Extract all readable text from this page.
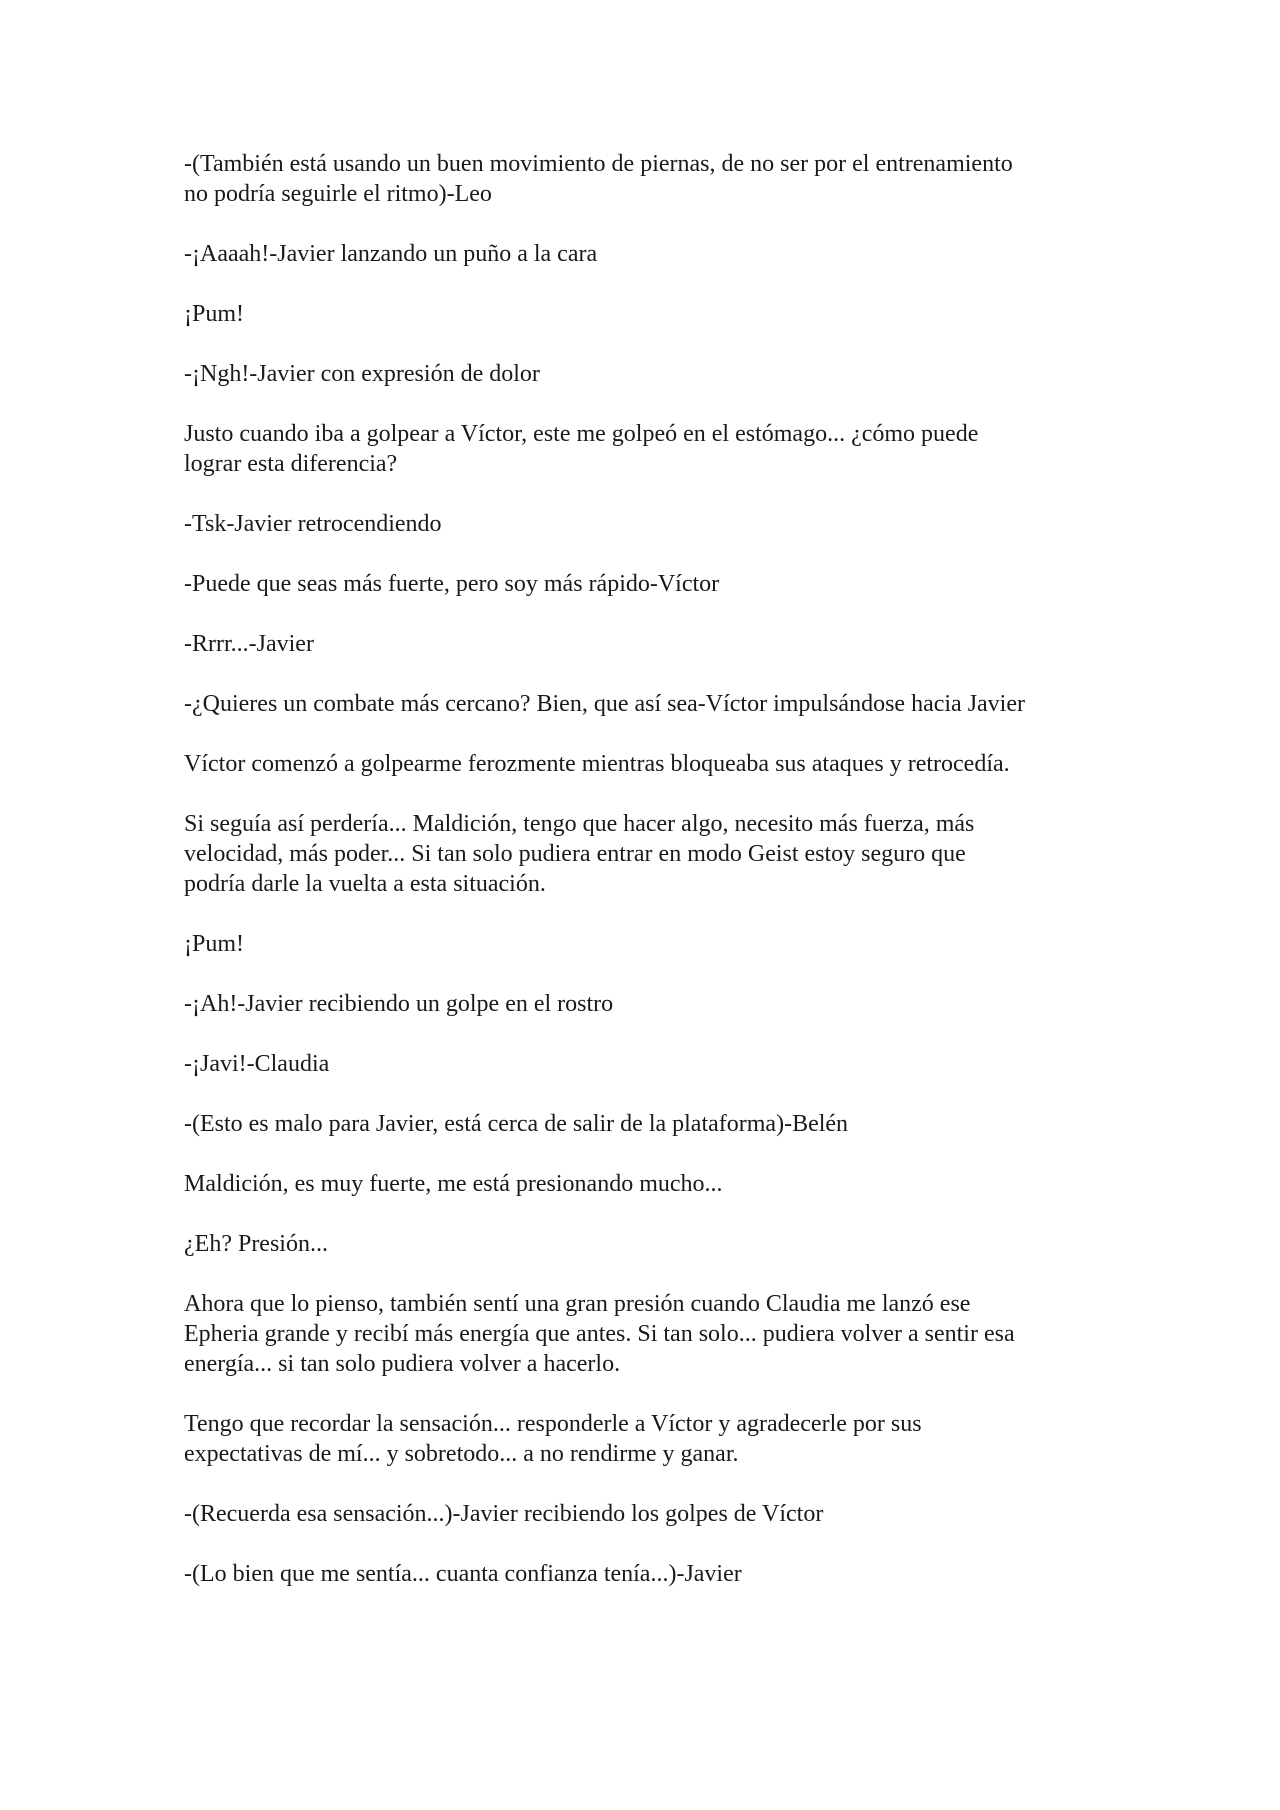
-(También está usando un buen movimiento de piernas, de no ser por el entrenamiento
no podría seguirle el ritmo)-Leo

-¡Aaaah!-Javier lanzando un puño a la cara

¡Pum!

-¡Ngh!-Javier con expresión de dolor

Justo cuando iba a golpear a Víctor, este me golpeó en el estómago... ¿cómo puede
lograr esta diferencia?

-Tsk-Javier retrocendiendo

-Puede que seas más fuerte, pero soy más rápido-Víctor

-Rrrr...-Javier

-¿Quieres un combate más cercano? Bien, que así sea-Víctor impulsándose hacia Javier

Víctor comenzó a golpearme ferozmente mientras bloqueaba sus ataques y retrocedía.

Si seguía así perdería... Maldición, tengo que hacer algo, necesito más fuerza, más
velocidad, más poder... Si tan solo pudiera entrar en modo Geist estoy seguro que
podría darle la vuelta a esta situación.

¡Pum!

-¡Ah!-Javier recibiendo un golpe en el rostro

-¡Javi!-Claudia

-(Esto es malo para Javier, está cerca de salir de la plataforma)-Belén

Maldición, es muy fuerte, me está presionando mucho...

¿Eh? Presión...

Ahora que lo pienso, también sentí una gran presión cuando Claudia me lanzó ese
Epheria grande y recibí más energía que antes. Si tan solo... pudiera volver a sentir esa
energía... si tan solo pudiera volver a hacerlo.

Tengo que recordar la sensación... responderle a Víctor y agradecerle por sus
expectativas de mí... y sobretodo... a no rendirme y ganar.

-(Recuerda esa sensación...)-Javier recibiendo los golpes de Víctor

-(Lo bien que me sentía... cuanta confianza tenía...)-Javier
